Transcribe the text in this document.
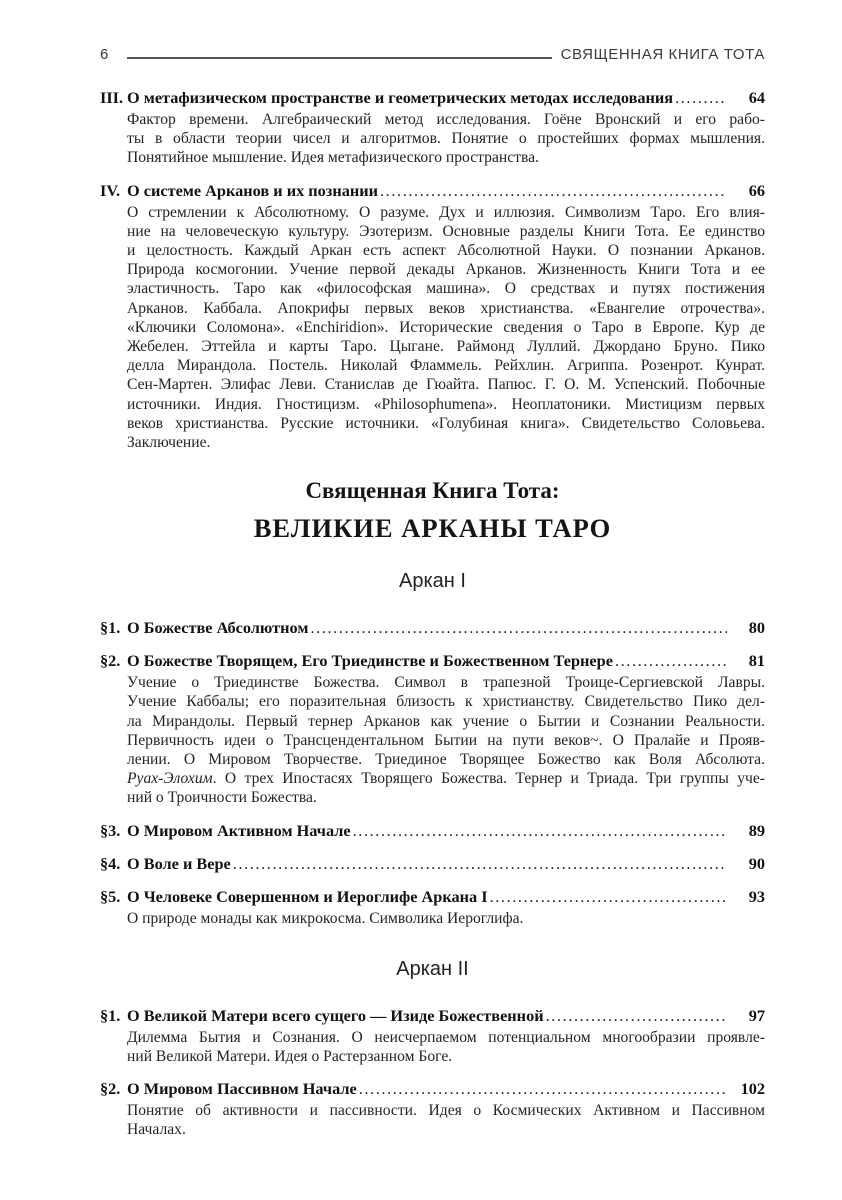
6	СВЯЩЕННАЯ КНИГА ТОТА
III. О метафизическом пространстве и геометрических методах исследования .....	64
Фактор времени. Алгебраический метод исследования. Гоёне Вронский и его рабо-
ты в области теории чисел и алгоритмов. Понятие о простейших формах мышления.
Понятийное мышление. Идея метафизического пространства.
IV. О системе Арканов и их познании .....	66
О стремлении к Абсолютному. О разуме. Дух и иллюзия. Символизм Таро. Его влия-
ние на человеческую культуру. Эзотеризм. Основные разделы Книги Тота. Ее единство
и целостность. Каждый Аркан есть аспект Абсолютной Науки. О познании Арканов.
Природа космогонии. Учение первой декады Арканов. Жизненность Книги Тота и ее
эластичность. Таро как «философская машина». О средствах и путях постижения
Арканов. Каббала. Апокрифы первых веков христианства. «Евангелие отрочества».
«Ключики Соломона». «Enchiridion». Исторические сведения о Таро в Европе. Кур де
Жебелен. Эттейла и карты Таро. Цыгане. Раймонд Луллий. Джордано Бруно. Пико
делла Мирандола. Постель. Николай Фламмель. Рейхлин. Агриппа. Розенрот. Кунрат.
Сен-Мартен. Элифас Леви. Станислав де Гюайта. Папюс. Г. О. М. Успенский. Побочные
источники. Индия. Гностицизм. «Philosophumena». Неоплатоники. Мистицизм первых
веков христианства. Русские источники. «Голубиная книга». Свидетельство Соловьева.
Заключение.
Священная Книга Тота:
ВЕЛИКИЕ АРКАНЫ ТАРО
Аркан I
§1. О Божестве Абсолютном .....	80
§2. О Божестве Творящем, Его Триединстве и Божественном Тернере .....	81
Учение о Триединстве Божества. Символ в трапезной Троице-Сергиевской Лавры.
Учение Каббалы; его поразительная близость к христианству. Свидетельство Пико дел-
ла Мирандолы. Первый тернер Арканов как учение о Бытии и Сознании Реальности.
Первичность идеи о Трансцендентальном Бытии на пути веков~. О Пралайе и Прояв-
лении. О Мировом Творчестве. Триединое Творящее Божество как Воля Абсолюта.
Руах-Элохим. О трех Ипостасях Творящего Божества. Тернер и Триада. Три группы уче-
ний о Троичности Божества.
§3. О Мировом Активном Начале .....	89
§4. О Воле и Вере .....	90
§5. О Человеке Совершенном и Иероглифе Аркана I .....	93
О природе монады как микрокосма. Символика Иероглифа.
Аркан II
§1. О Великой Матери всего сущего — Изиде Божественной .....	97
Дилемма Бытия и Сознания. О неисчерпаемом потенциальном многообразии проявле-
ний Великой Матери. Идея о Растерзанном Боге.
§2. О Мировом Пассивном Начале .....	102
Понятие об активности и пассивности. Идея о Космических Активном и Пассивном
Началах.
